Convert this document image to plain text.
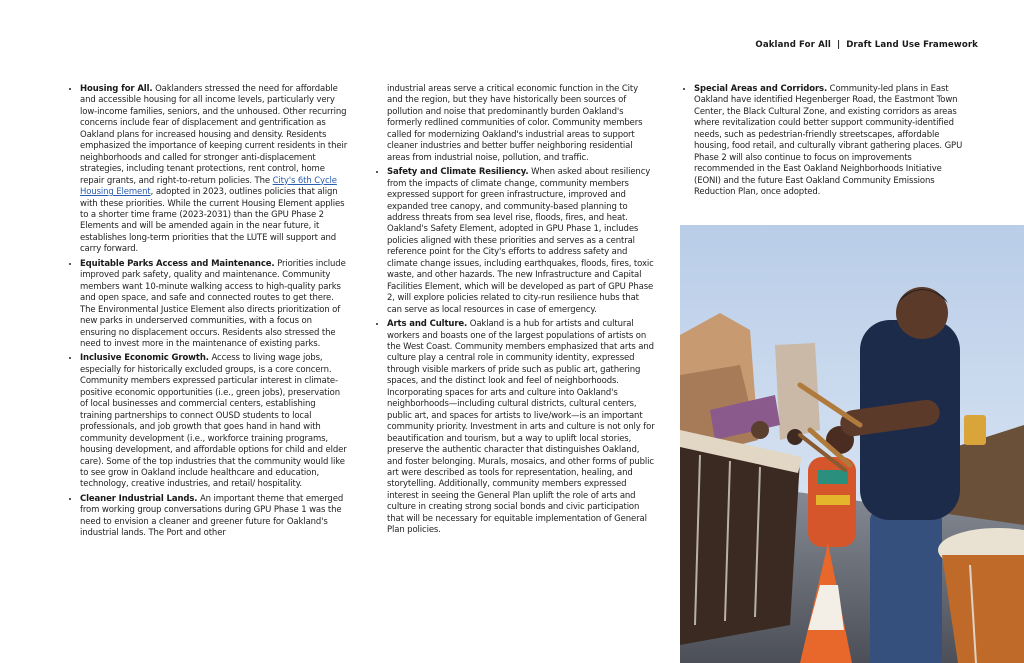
Oakland For All | Draft Land Use Framework
• Housing for All. Oaklanders stressed the need for affordable and accessible housing for all income levels, particularly very low-income families, seniors, and the unhoused. Other recurring concerns include fear of displacement and gentrification as Oakland plans for increased housing and density. Residents emphasized the importance of keeping current residents in their neighborhoods and called for stronger anti-displacement strategies, including tenant protections, rent control, home repair grants, and right-to-return policies. The City's 6th Cycle Housing Element, adopted in 2023, outlines policies that align with these priorities. While the current Housing Element applies to a shorter time frame (2023-2031) than the GPU Phase 2 Elements and will be amended again in the near future, it establishes long-term priorities that the LUTE will support and carry forward.
• Equitable Parks Access and Maintenance. Priorities include improved park safety, quality and maintenance. Community members want 10-minute walking access to high-quality parks and open space, and safe and connected routes to get there. The Environmental Justice Element also directs prioritization of new parks in underserved communities, with a focus on ensuring no displacement occurs. Residents also stressed the need to invest more in the maintenance of existing parks.
• Inclusive Economic Growth. Access to living wage jobs, especially for historically excluded groups, is a core concern. Community members expressed particular interest in climate-positive economic opportunities (i.e., green jobs), preservation of local businesses and commercial centers, establishing training partnerships to connect OUSD students to local professionals, and job growth that goes hand in hand with community development (i.e., workforce training programs, housing development, and affordable options for child and elder care). Some of the top industries that the community would like to see grow in Oakland include healthcare and education, technology, creative industries, and retail/ hospitality.
• Cleaner Industrial Lands. An important theme that emerged from working group conversations during GPU Phase 1 was the need to envision a cleaner and greener future for Oakland's industrial lands. The Port and other

industrial areas serve a critical economic function in the City and the region, but they have historically been sources of pollution and noise that predominantly burden Oakland's formerly redlined communities of color. Community members called for modernizing Oakland's industrial areas to support cleaner industries and better buffer neighboring residential areas from industrial noise, pollution, and traffic.

• Safety and Climate Resiliency. When asked about resiliency from the impacts of climate change, community members expressed support for green infrastructure, improved and expanded tree canopy, and community-based planning to address threats from sea level rise, floods, fires, and heat. Oakland's Safety Element, adopted in GPU Phase 1, includes policies aligned with these priorities and serves as a central reference point for the City's efforts to address safety and climate change issues, including earthquakes, floods, fires, toxic waste, and other hazards. The new Infrastructure and Capital Facilities Element, which will be developed as part of GPU Phase 2, will explore policies related to city-run resilience hubs that can serve as local resources in case of emergency.
• Arts and Culture. Oakland is a hub for artists and cultural workers and boasts one of the largest populations of artists on the West Coast. Community members emphasized that arts and culture play a central role in community identity, expressed through visible markers of pride such as public art, gathering spaces, and the distinct look and feel of neighborhoods. Incorporating spaces for arts and culture into Oakland's neighborhoods—including cultural districts, cultural centers, public art, and spaces for artists to live/work—is an important community priority. Investment in arts and culture is not only for beautification and tourism, but a way to uplift local stories, preserve the authentic character that distinguishes Oakland, and foster belonging. Murals, mosaics, and other forms of public art were described as tools for representation, healing, and storytelling. Additionally, community members expressed interest in seeing the General Plan uplift the role of arts and culture in creating strong social bonds and civic participation that will be necessary for equitable implementation of General Plan policies.
• Special Areas and Corridors. Community-led plans in East Oakland have identified Hegenberger Road, the Eastmont Town Center, the Black Cultural Zone, and existing corridors as areas where revitalization could better support community-identified needs, such as pedestrian-friendly streetscapes, affordable housing, food retail, and culturally vibrant gathering places. GPU Phase 2 will also continue to focus on improvements recommended in the East Oakland Neighborhoods Initiative (EONI) and the future East Oakland Community Emissions Reduction Plan, once adopted.
